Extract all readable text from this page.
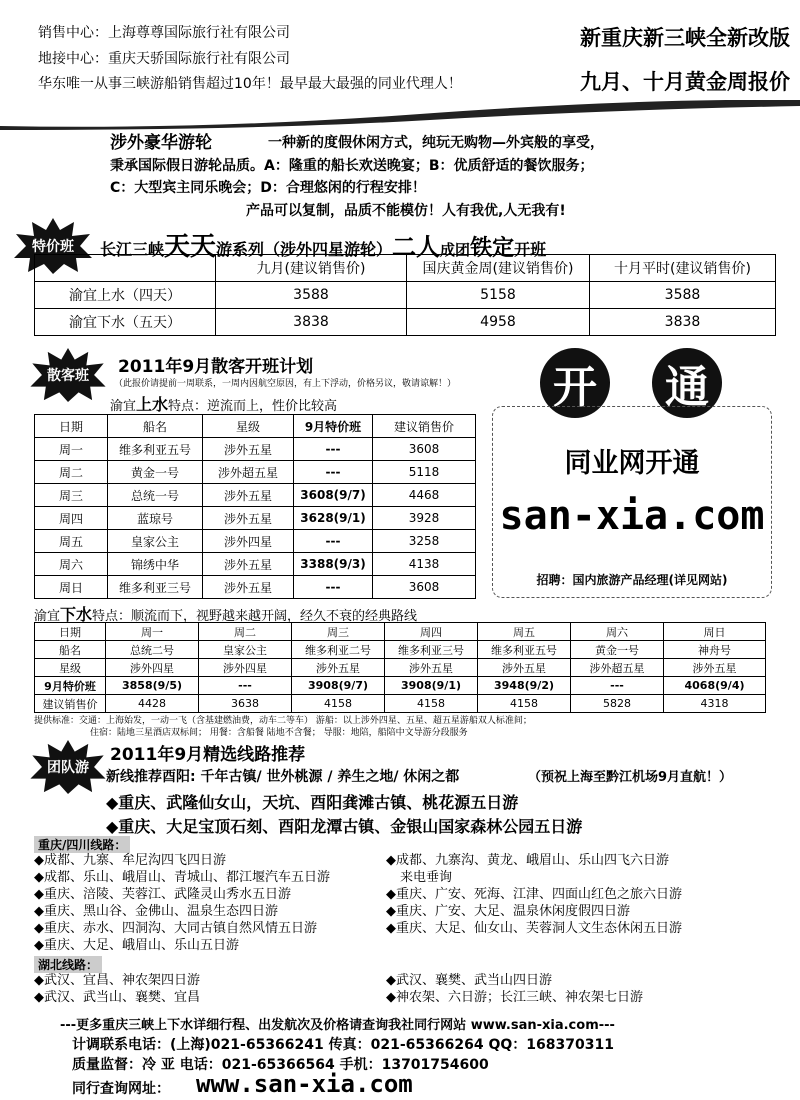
销售中心：上海尊尊国际旅行社有限公司
地接中心：重庆天骄国际旅行社有限公司
华东唯一从事三峡游船销售超过10年！最早最大最强的同业代理人！
新重庆新三峡全新改版
九月、十月黄金周报价
涉外豪华游轮	一种新的度假休闲方式，纯玩无购物—外宾般的享受，
秉承国际假日游轮品质。A：隆重的船长欢送晚宴；B：优质舒适的餐饮服务；
C：大型宾主同乐晚会；D：合理悠闲的行程安排！
产品可以复制，品质不能模仿！人有我优,人无我有!
特价班	长江三峡天天游系列（涉外四星游轮）二人成团铁定开班
	九月(建议销售价)	国庆黄金周(建议销售价)	十月平时(建议销售价)
渝宜上水（四天）	3588	5158	3588
渝宜下水（五天）	3838	4958	3838
散客班	2011年9月散客开班计划
（此报价请提前一周联系，一周内因航空原因，有上下浮动，价格另议，敬请谅解！）
渝宜上水特点：逆流而上，性价比较高
日期	船名	星级	9月特价班	建议销售价
周一	维多利亚五号	涉外五星	---	3608
周二	黄金一号	涉外超五星	---	5118
周三	总统一号	涉外五星	3608(9/7)	4468
周四	蓝琼号	涉外五星	3628(9/1)	3928
周五	皇家公主	涉外四星	---	3258
周六	锦绣中华	涉外五星	3388(9/3)	4138
周日	维多利亚三号	涉外五星	---	3608
开 通
同业网开通
san-xia.com
招聘：国内旅游产品经理(详见网站)
渝宜下水特点：顺流而下，视野越来越开阔，经久不衰的经典路线
日期	周一	周二	周三	周四	周五	周六	周日
船名	总统二号	皇家公主	维多利亚二号	维多利亚三号	维多利亚五号	黄金一号	神舟号
星级	涉外四星	涉外四星	涉外五星	涉外五星	涉外五星	涉外超五星	涉外五星
9月特价班	3858(9/5)	---	3908(9/7)	3908(9/1)	3948(9/2)	---	4068(9/4)
建议销售价	4428	3638	4158	4158	4158	5828	4318
提供标准：交通：上海始发，一动一飞（含基建燃油费，动车二等车） 游船：以上涉外四星、五星、超五星游船双人标准间；
住宿：陆地三星酒店双标间； 用餐：含船餐 陆地不含餐； 导服：地陪，船陪中文导游分段服务
团队游
2011年9月精选线路推荐
新线推荐酉阳: 千年古镇/ 世外桃源 / 养生之地/ 休闲之都	（预祝上海至黔江机场9月直航！）
◆重庆、武隆仙女山，天坑、酉阳龚滩古镇、桃花源五日游
◆重庆、大足宝顶石刻、酉阳龙潭古镇、金银山国家森林公园五日游
重庆/四川线路：
◆成都、九寨、牟尼沟四飞四日游
◆成都、乐山、峨眉山、青城山、都江堰汽车五日游
◆重庆、涪陵、芙蓉江、武隆灵山秀水五日游
◆重庆、黑山谷、金佛山、温泉生态四日游
◆重庆、赤水、四洞沟、大同古镇自然风情五日游
◆重庆、大足、峨眉山、乐山五日游
◆成都、九寨沟、黄龙、峨眉山、乐山四飞六日游
来电垂询
◆重庆、广安、死海、江津、四面山红色之旅六日游
◆重庆、广安、大足、温泉休闲度假四日游
◆重庆、大足、仙女山、芙蓉洞人文生态休闲五日游
湖北线路：
◆武汉、宜昌、神农架四日游
◆武汉、武当山、襄樊、宜昌
◆武汉、襄樊、武当山四日游
◆神农架、六日游；长江三峡、神农架七日游
---更多重庆三峡上下水详细行程、出发航次及价格请查询我社同行网站 www.san-xia.com---
计调联系电话：(上海)021-65366241 传真：021-65366264 QQ：168370311
质量监督：冷 亚 电话：021-65366564 手机：13701754600
同行查询网址： www.san-xia.com
